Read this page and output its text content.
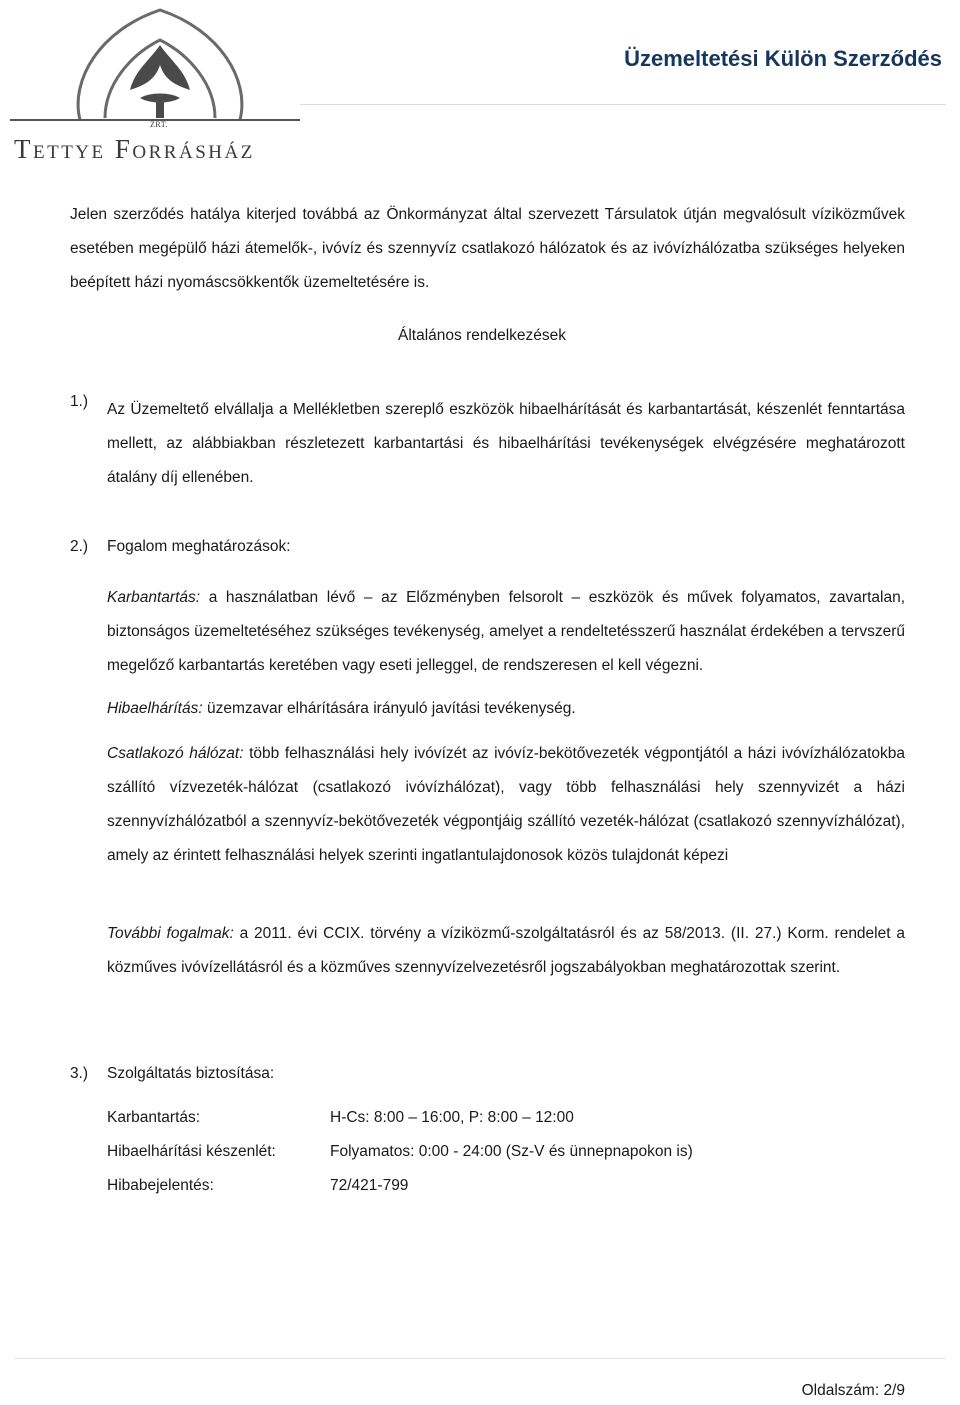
ZRT.
Tettye Forrásház
Üzemeltetési Külön Szerződés

Jelen szerződés hatálya kiterjed továbbá az Önkormányzat által szervezett Társulatok útján megvalósult víziközművek esetében megépülő házi átemelők-, ivóvíz és szennyvíz csatlakozó hálózatok és az ivóvízhálózatba szükséges helyeken beépített házi nyomáscsökkentők üzemeltetésére is.

Általános rendelkezések
1.) Az Üzemeltető elvállalja a Mellékletben szereplő eszközök hibaelhárítását és karbantartását, készenlét fenntartása mellett, az alábbiakban részletezett karbantartási és hibaelhárítási tevékenységek elvégzésére meghatározott átalány díj ellenében.

2.) Fogalom meghatározások:

Karbantartás: a használatban lévő – az Előzményben felsorolt – eszközök és művek folyamatos, zavartalan, biztonságos üzemeltetéséhez szükséges tevékenység, amelyet a rendeltetésszerű használat érdekében a tervszerű megelőző karbantartás keretében vagy eseti jelleggel, de rendszeresen el kell végezni.

Hibaelhárítás: üzemzavar elhárítására irányuló javítási tevékenység.

Csatlakozó hálózat: több felhasználási hely ivóvízét az ivóvíz-bekötővezeték végpontjától a házi ivóvízhálózatokba szállító vízvezeték-hálózat (csatlakozó ivóvízhálózat), vagy több felhasználási hely szennyvizét a házi szennyvízhálózatból a szennyvíz-bekötővezeték végpontjáig szállító vezeték-hálózat (csatlakozó szennyvízhálózat), amely az érintett felhasználási helyek szerinti ingatlantulajdonosok közös tulajdonát képezi

További fogalmak: a 2011. évi CCIX. törvény a víziközmű-szolgáltatásról és az 58/2013. (II. 27.) Korm. rendelet a közműves ivóvízellátásról és a közműves szennyvízelvezetésről jogszabályokban meghatározottak szerint.

3.) Szolgáltatás biztosítása:
Karbantartás:	H-Cs: 8:00 – 16:00, P: 8:00 – 12:00
Hibaelhárítási készenlét:	Folyamatos: 0:00 - 24:00 (Sz-V és ünnepnapokon is)
Hibabejelentés:	72/421-799
Oldalszám: 2/9
